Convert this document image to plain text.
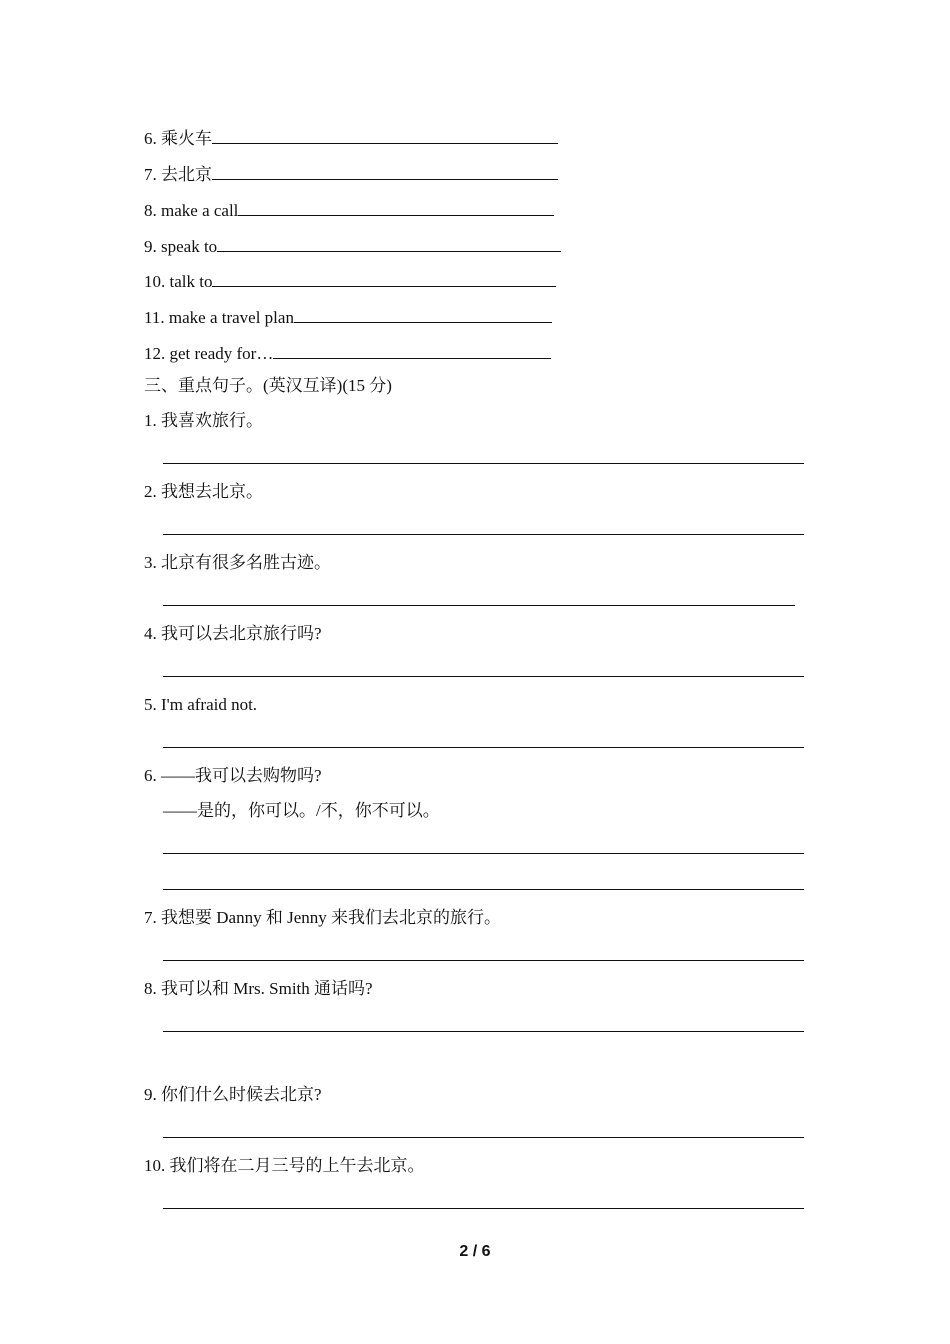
6. 乘火车
7. 去北京
8. make a call
9. speak to
10. talk to
11. make a travel plan
12. get ready for…
三、重点句子。(英汉互译)(15 分)
1. 我喜欢旅行。
2. 我想去北京。
3. 北京有很多名胜古迹。
4. 我可以去北京旅行吗?
5. I'm afraid not.
6. ——我可以去购物吗?
——是的，你可以。/不，你不可以。
7. 我想要 Danny 和 Jenny 来我们去北京的旅行。
8. 我可以和 Mrs. Smith 通话吗?
9. 你们什么时候去北京?
10. 我们将在二月三号的上午去北京。
2 / 6
